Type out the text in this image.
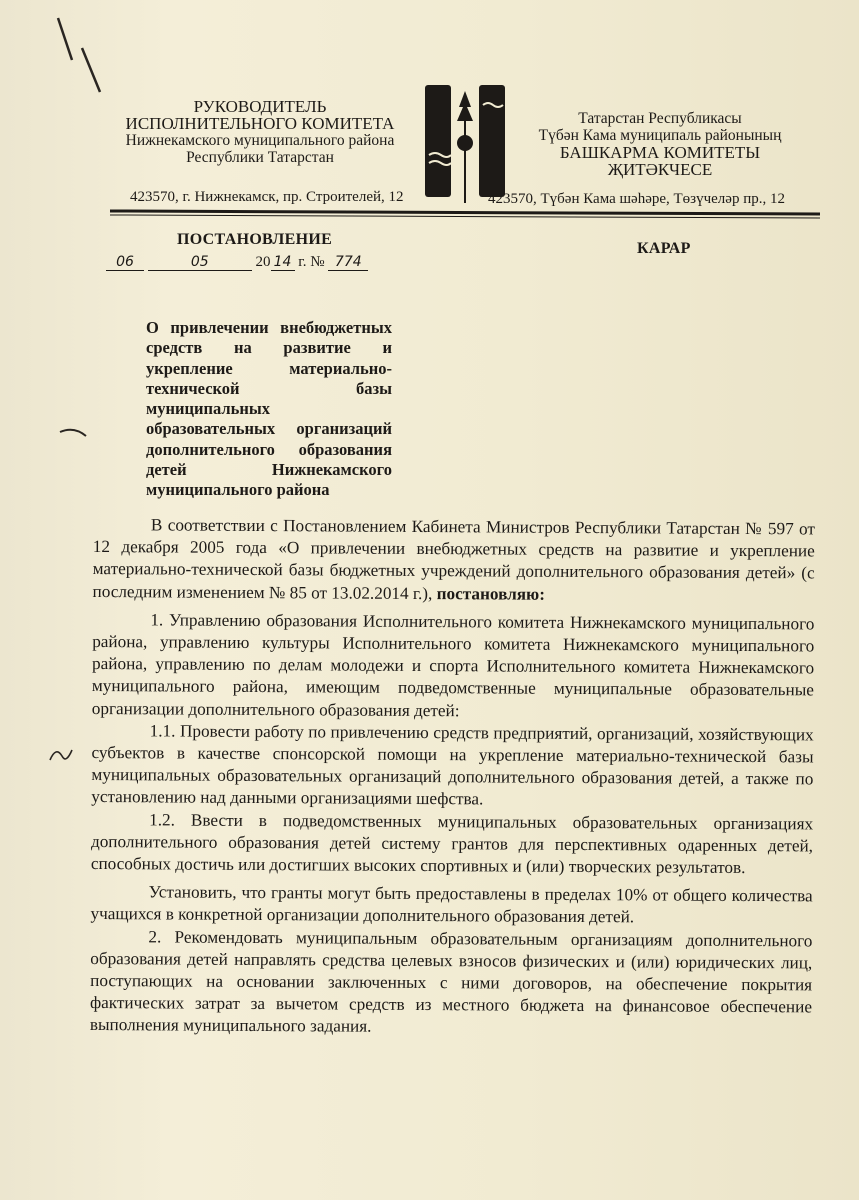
РУКОВОДИТЕЛЬ
ИСПОЛНИТЕЛЬНОГО КОМИТЕТА
Нижнекамского муниципального района
Республики Татарстан
Татарстан Республикасы
Түбән Кама муниципаль районының
БАШКАРМА КОМИТЕТЫ
ҖИТӘКЧЕСЕ
423570, г. Нижнекамск, пр. Строителей, 12	423570, Түбән Кама шәһәре, Төзүчеләр пр., 12
ПОСТАНОВЛЕНИЕ
КАРАР
06	05	20 14 г. № 774
О привлечении внебюджетных средств на развитие и укрепление материально-технической базы муниципальных образовательных организаций дополнительного образования детей Нижнекамского муниципального района

В соответствии с Постановлением Кабинета Министров Республики Татарстан № 597 от 12 декабря 2005 года «О привлечении внебюджетных средств на развитие и укрепление материально-технической базы бюджетных учреждений дополнительного образования детей» (с последним изменением № 85 от 13.02.2014 г.), постановляю:

1. Управлению образования Исполнительного комитета Нижнекамского муниципального района, управлению культуры Исполнительного комитета Нижнекамского муниципального района, управлению по делам молодежи и спорта Исполнительного комитета Нижнекамского муниципального района, имеющим подведомственные муниципальные образовательные организации дополнительного образования детей:

1.1. Провести работу по привлечению средств предприятий, организаций, хозяйствующих субъектов в качестве спонсорской помощи на укрепление материально-технической базы муниципальных образовательных организаций дополнительного образования детей, а также по установлению над данными организациями шефства.

1.2. Ввести в подведомственных муниципальных образовательных организациях дополнительного образования детей систему грантов для перспективных одаренных детей, способных достичь или достигших высоких спортивных и (или) творческих результатов.

Установить, что гранты могут быть предоставлены в пределах 10% от общего количества учащихся в конкретной организации дополнительного образования детей.

2. Рекомендовать муниципальным образовательным организациям дополнительного образования детей направлять средства целевых взносов физических и (или) юридических лиц, поступающих на основании заключенных с ними договоров, на обеспечение покрытия фактических затрат за вычетом средств из местного бюджета на финансовое обеспечение выполнения муниципального задания.
